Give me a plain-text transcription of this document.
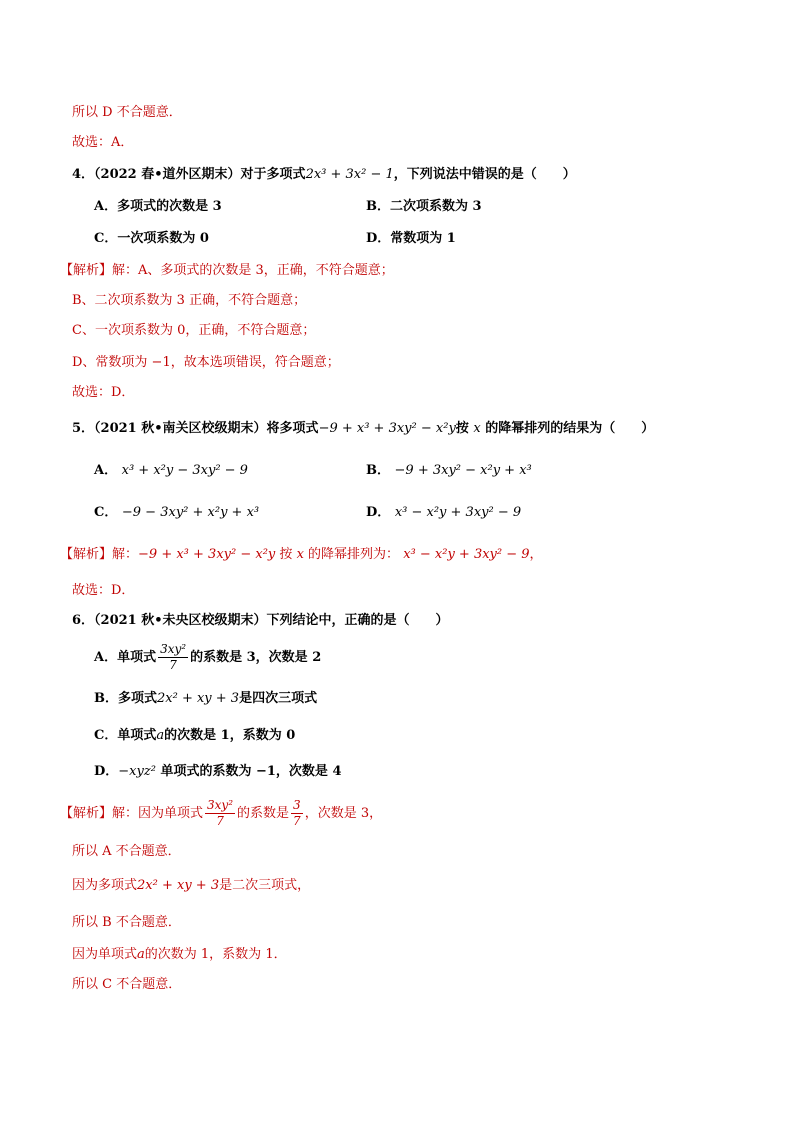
所以 D 不合题意．
故选：A．
4．（2022 春•道外区期末）对于多项式2x³ + 3x² − 1，下列说法中错误的是（　　）
A．多项式的次数是 3	B．二次项系数为 3
C．一次项系数为 0	D．常数项为 1
【解析】解：A、多项式的次数是 3，正确，不符合题意；
B、二次项系数为 3 正确，不符合题意；
C、一次项系数为 0，正确，不符合题意；
D、常数项为 −1，故本选项错误，符合题意；
故选：D．
5．（2021 秋•南关区校级期末）将多项式−9 + x³ + 3xy² − x²y按 x 的降幂排列的结果为（　　）
A． x³ + x²y − 3xy² − 9	B． −9 + 3xy² − x²y + x³
C． −9 − 3xy² + x²y + x³	D． x³ − x²y + 3xy² − 9
【解析】解：−9 + x³ + 3xy² − x²y 按 x 的降幂排列为： x³ − x²y + 3xy² − 9，
故选：D．
6．（2021 秋•未央区校级期末）下列结论中，正确的是（　　）
A．单项式 $\frac{\text{3xy²}}{7}$ 的系数是 3，次数是 2
B．多项式2x² + xy + 3是四次三项式
C．单项式a的次数是 1，系数为 0
D．−xyz² 单项式的系数为 −1，次数是 4
【解析】解：因为单项式 $\frac{\text{3xy²}}{7}$ 的系数是 $\frac{3}{7}$ ，次数是 3，
所以 A 不合题意．
因为多项式2x² + xy + 3是二次三项式，
所以 B 不合题意．
因为单项式a的次数为 1，系数为 1．
所以 C 不合题意．
